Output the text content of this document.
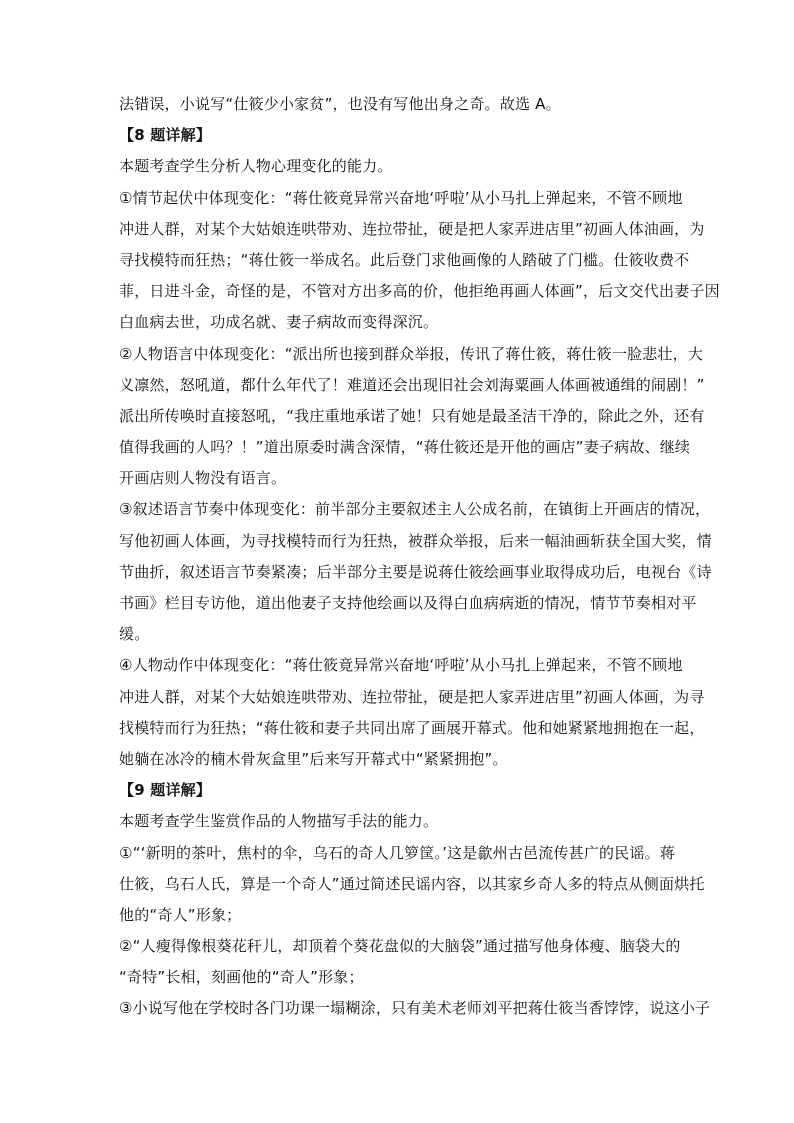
法错误，小说写“仕筱少小家贫”，也没有写他出身之奇。故选 A。
【8 题详解】
本题考查学生分析人物心理变化的能力。
①情节起伏中体现变化：“蒋仕筱竟异常兴奋地‘呼啦’从小马扎上弹起来，不管不顾地
冲进人群，对某个大姑娘连哄带劝、连拉带扯，硬是把人家弄进店里”初画人体油画，为
寻找模特而狂热；“蒋仕筱一举成名。此后登门求他画像的人踏破了门槛。仕筱收费不
菲，日进斗金，奇怪的是，不管对方出多高的价，他拒绝再画人体画”，后文交代出妻子因
白血病去世，功成名就、妻子病故而变得深沉。
②人物语言中体现变化：“派出所也接到群众举报，传讯了蒋仕筱，蒋仕筱一脸悲壮，大
义凛然，怒吼道，都什么年代了！难道还会出现旧社会刘海粟画人体画被通缉的闹剧！”
派出所传唤时直接怒吼，“我庄重地承诺了她！只有她是最圣洁干净的，除此之外，还有
值得我画的人吗？！”道出原委时满含深情，“蒋仕筱还是开他的画店”妻子病故、继续
开画店则人物没有语言。
③叙述语言节奏中体现变化：前半部分主要叙述主人公成名前，在镇街上开画店的情况，
写他初画人体画，为寻找模特而行为狂热，被群众举报，后来一幅油画斩获全国大奖，情
节曲折，叙述语言节奏紧凑；后半部分主要是说蒋仕筱绘画事业取得成功后，电视台《诗
书画》栏目专访他，道出他妻子支持他绘画以及得白血病病逝的情况，情节节奏相对平
缓。
④人物动作中体现变化：“蒋仕筱竟异常兴奋地‘呼啦’从小马扎上弹起来，不管不顾地
冲进人群，对某个大姑娘连哄带劝、连拉带扯，硬是把人家弄进店里”初画人体画，为寻
找模特而行为狂热；“蒋仕筱和妻子共同出席了画展开幕式。他和她紧紧地拥抱在一起，
她躺在冰冷的楠木骨灰盒里”后来写开幕式中“紧紧拥抱”。
【9 题详解】
本题考查学生鉴赏作品的人物描写手法的能力。
①“‘新明的茶叶，焦村的伞，乌石的奇人几箩筐。’这是歙州古邑流传甚广的民谣。蒋
仕筱，乌石人氏，算是一个奇人”通过简述民谣内容，以其家乡奇人多的特点从侧面烘托
他的“奇人”形象；
②“人瘦得像根葵花秆儿，却顶着个葵花盘似的大脑袋”通过描写他身体瘦、脑袋大的
“奇特”长相，刻画他的“奇人”形象；
③小说写他在学校时各门功课一塌糊涂，只有美术老师刘平把蒋仕筱当香饽饽，说这小子
